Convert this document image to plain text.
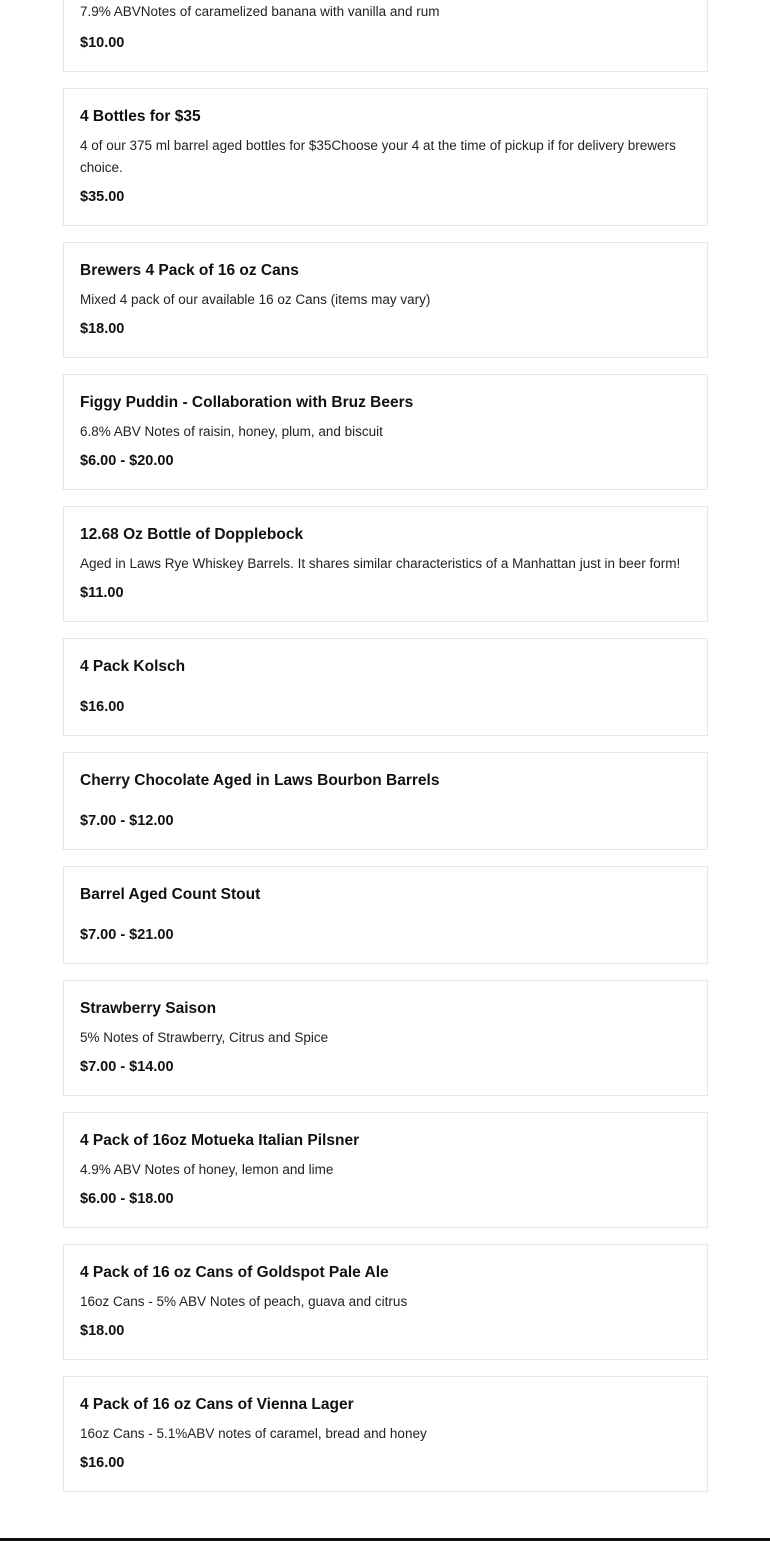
7.9% ABVNotes of caramelized banana with vanilla and rum
$10.00
4 Bottles for $35
4 of our 375 ml barrel aged bottles for $35Choose your 4 at the time of pickup if for delivery brewers choice.
$35.00
Brewers 4 Pack of 16 oz Cans
Mixed 4 pack of our available 16 oz Cans (items may vary)
$18.00
Figgy Puddin - Collaboration with Bruz Beers
6.8% ABV Notes of raisin, honey, plum, and biscuit
$6.00 - $20.00
12.68 Oz Bottle of Dopplebock
Aged in Laws Rye Whiskey Barrels. It shares similar characteristics of a Manhattan just in beer form!
$11.00
4 Pack Kolsch
$16.00
Cherry Chocolate Aged in Laws Bourbon Barrels
$7.00 - $12.00
Barrel Aged Count Stout
$7.00 - $21.00
Strawberry Saison
5% Notes of Strawberry, Citrus and Spice
$7.00 - $14.00
4 Pack of 16oz Motueka Italian Pilsner
4.9% ABV Notes of honey, lemon and lime
$6.00 - $18.00
4 Pack of 16 oz Cans of Goldspot Pale Ale
16oz Cans - 5% ABV Notes of peach, guava and citrus
$18.00
4 Pack of 16 oz Cans of Vienna Lager
16oz Cans - 5.1%ABV notes of caramel, bread and honey
$16.00
